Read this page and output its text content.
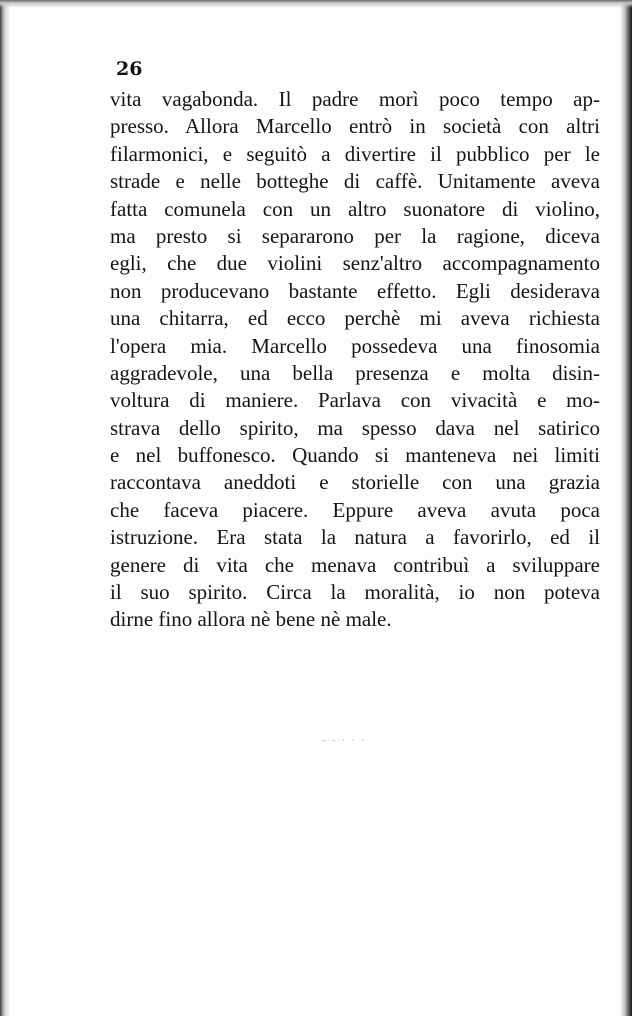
26
vita vagabonda. Il padre morì poco tempo ap-
presso. Allora Marcello entrò in società con altri
filarmonici, e seguitò a divertire il pubblico per le
strade e nelle botteghe di caffè. Unitamente aveva
fatta comunela con un altro suonatore di violino,
ma presto si separarono per la ragione, diceva
egli, che due violini senz'altro accompagnamento
non producevano bastante effetto. Egli desiderava
una chitarra, ed ecco perchè mi aveva richiesta
l'opera mia. Marcello possedeva una finosomia
aggradevole, una bella presenza e molta disin-
voltura di maniere. Parlava con vivacità e mo-
strava dello spirito, ma spesso dava nel satirico
e nel buffonesco. Quando si manteneva nei limiti
raccontava aneddoti e storielle con una grazia
che faceva piacere. Eppure aveva avuta poca
istruzione. Era stata la natura a favorirlo, ed il
genere di vita che menava contribuì a sviluppare
il suo spirito. Circa la moralità, io non poteva
dirne fino allora nè bene nè male.
- - · · ·
